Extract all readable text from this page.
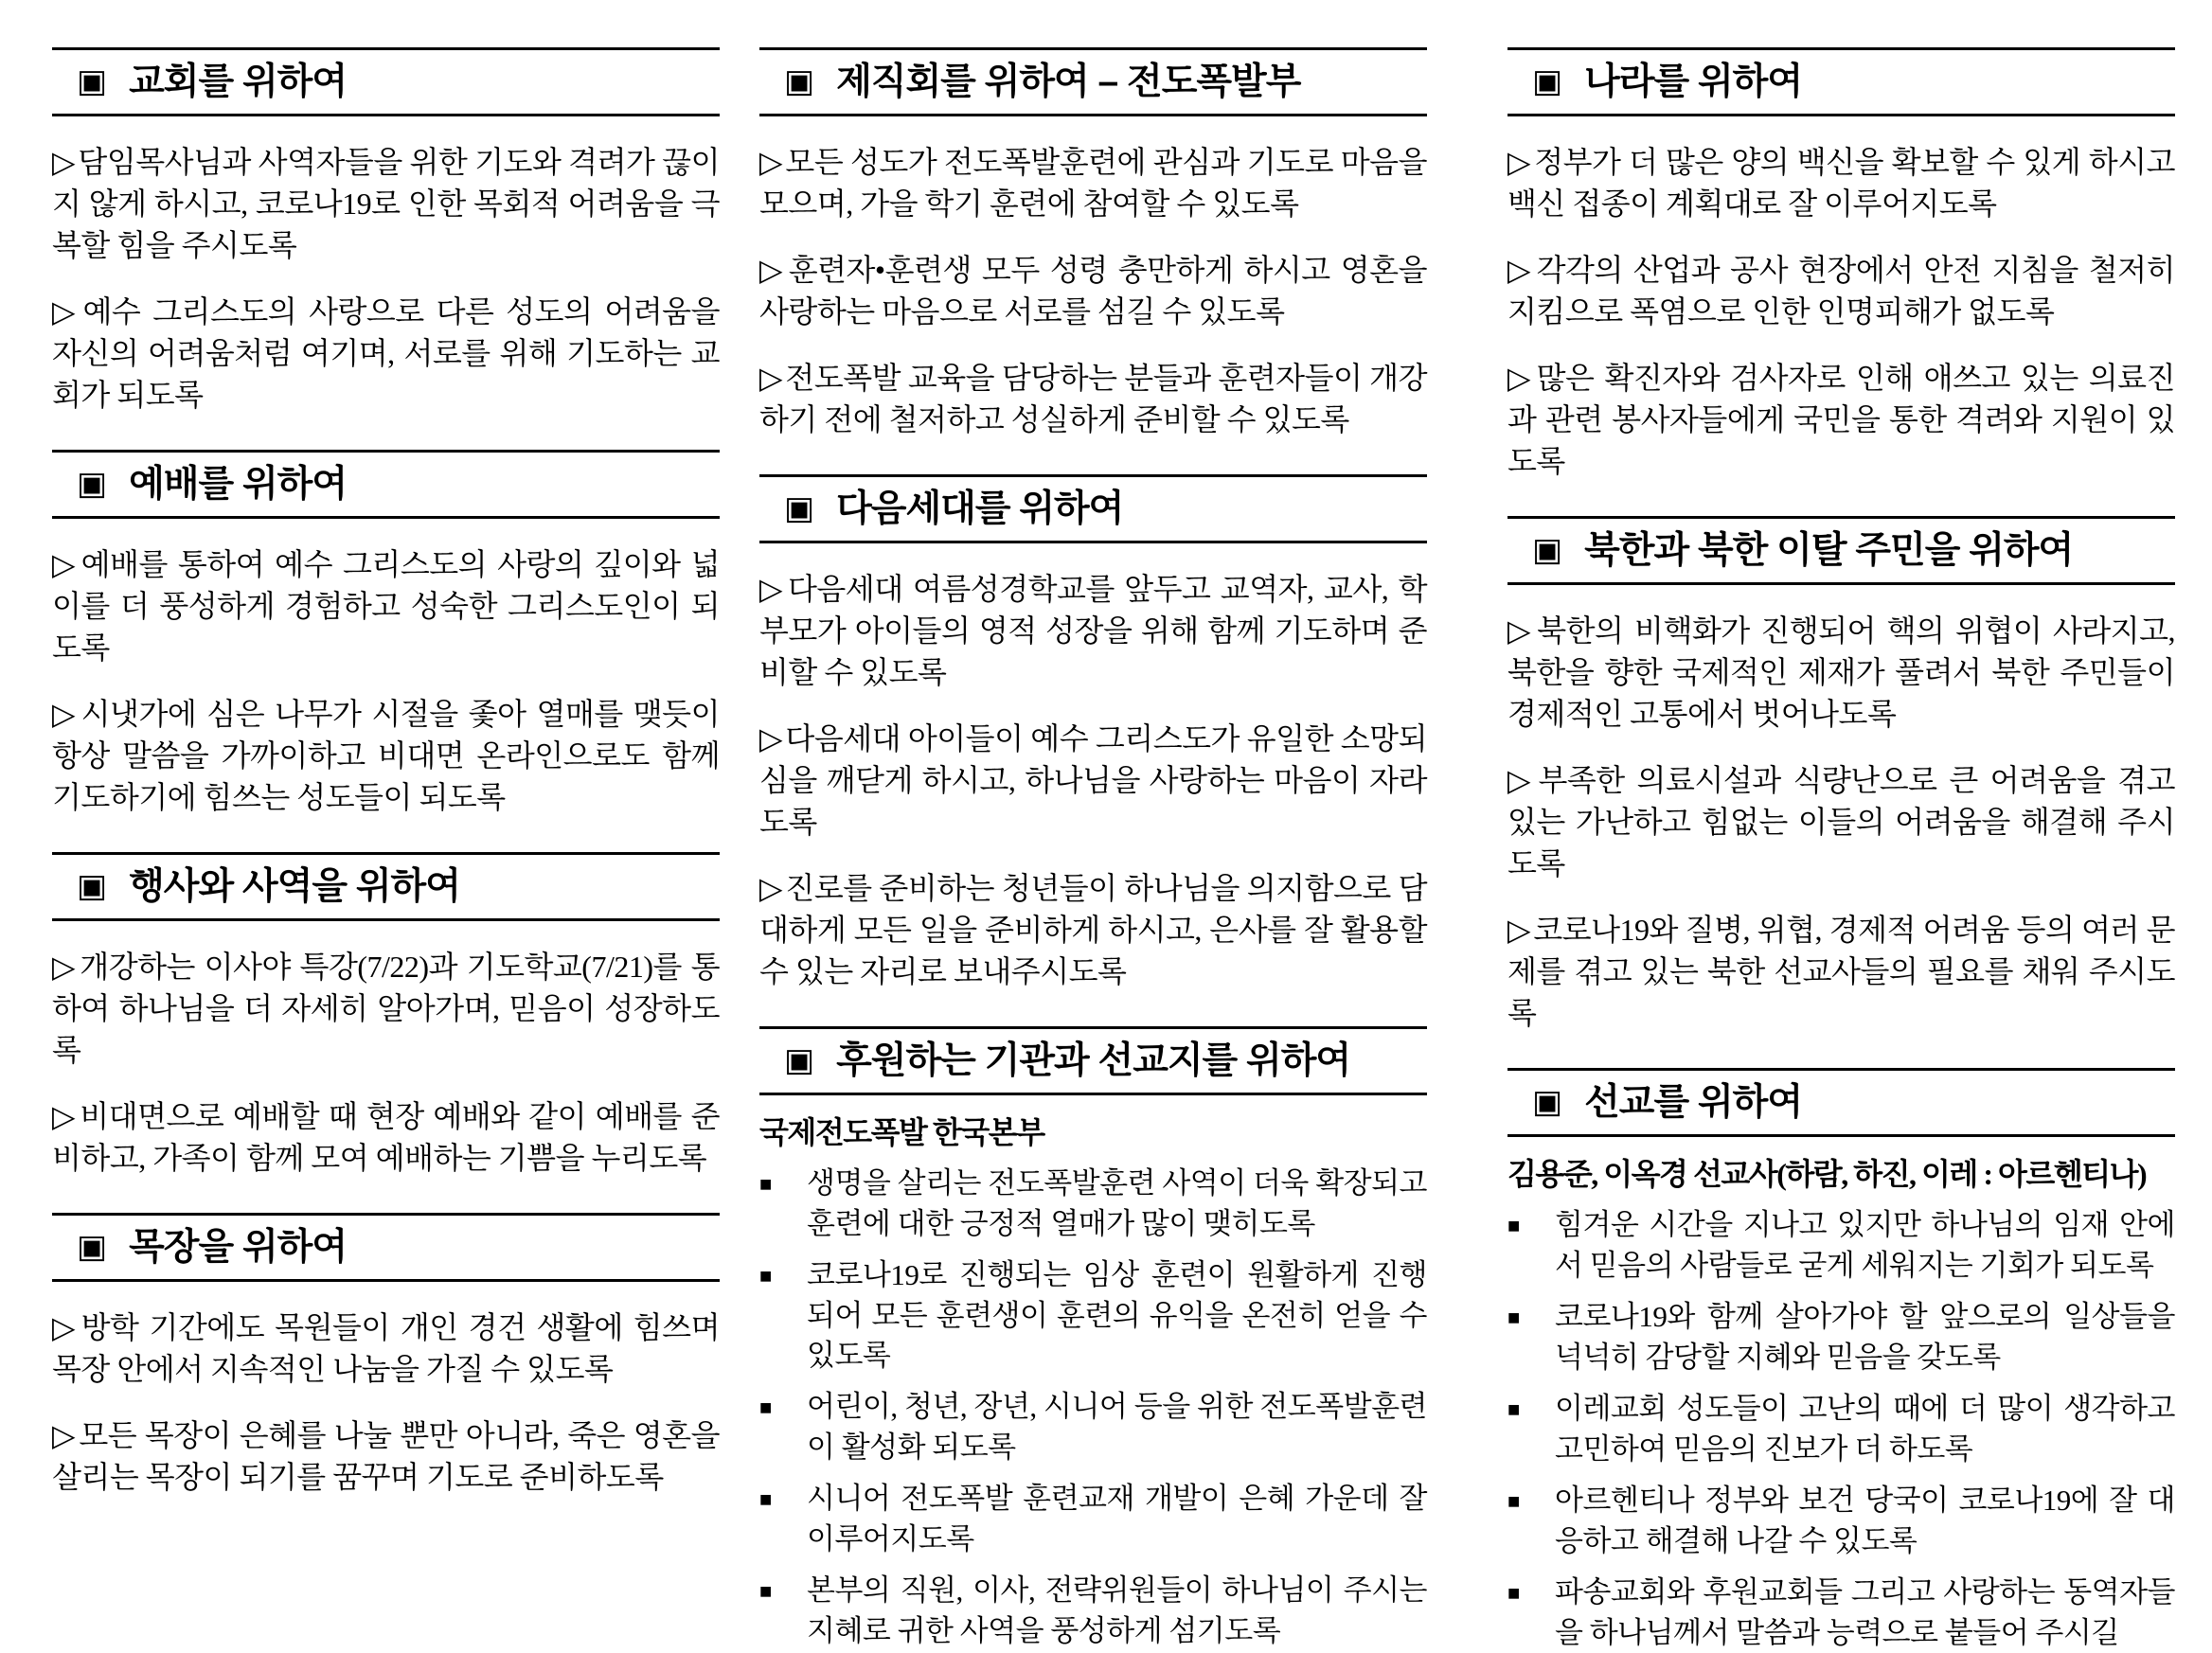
▣ 교회를 위하여

▷담임목사님과 사역자들을 위한 기도와 격려가 끊이지 않게 하시고, 코로나19로 인한 목회적 어려움을 극복할 힘을 주시도록

▷예수 그리스도의 사랑으로 다른 성도의 어려움을 자신의 어려움처럼 여기며, 서로를 위해 기도하는 교회가 되도록

▣ 예배를 위하여

▷예배를 통하여 예수 그리스도의 사랑의 깊이와 넓이를 더 풍성하게 경험하고 성숙한 그리스도인이 되도록

▷시냇가에 심은 나무가 시절을 좇아 열매를 맺듯이 항상 말씀을 가까이하고 비대면 온라인으로도 함께 기도하기에 힘쓰는 성도들이 되도록

▣ 행사와 사역을 위하여

▷개강하는 이사야 특강(7/22)과 기도학교(7/21)를 통하여 하나님을 더 자세히 알아가며, 믿음이 성장하도록

▷비대면으로 예배할 때 현장 예배와 같이 예배를 준비하고, 가족이 함께 모여 예배하는 기쁨을 누리도록

▣ 목장을 위하여

▷방학 기간에도 목원들이 개인 경건 생활에 힘쓰며 목장 안에서 지속적인 나눔을 가질 수 있도록

▷모든 목장이 은혜를 나눌 뿐만 아니라, 죽은 영혼을 살리는 목장이 되기를 꿈꾸며 기도로 준비하도록

▣ 제직회를 위하여 – 전도폭발부

▷모든 성도가 전도폭발훈련에 관심과 기도로 마음을 모으며, 가을 학기 훈련에 참여할 수 있도록

▷훈련자•훈련생 모두 성령 충만하게 하시고 영혼을 사랑하는 마음으로 서로를 섬길 수 있도록

▷전도폭발 교육을 담당하는 분들과 훈련자들이 개강하기 전에 철저하고 성실하게 준비할 수 있도록

▣ 다음세대를 위하여

▷다음세대 여름성경학교를 앞두고 교역자, 교사, 학부모가 아이들의 영적 성장을 위해 함께 기도하며 준비할 수 있도록

▷다음세대 아이들이 예수 그리스도가 유일한 소망되심을 깨닫게 하시고, 하나님을 사랑하는 마음이 자라도록

▷진로를 준비하는 청년들이 하나님을 의지함으로 담대하게 모든 일을 준비하게 하시고, 은사를 잘 활용할 수 있는 자리로 보내주시도록

▣ 후원하는 기관과 선교지를 위하여

국제전도폭발 한국본부

■ 생명을 살리는 전도폭발훈련 사역이 더욱 확장되고 훈련에 대한 긍정적 열매가 많이 맺히도록

■ 코로나19로 진행되는 임상 훈련이 원활하게 진행되어 모든 훈련생이 훈련의 유익을 온전히 얻을 수 있도록

■ 어린이, 청년, 장년, 시니어 등을 위한 전도폭발훈련이 활성화 되도록

■ 시니어 전도폭발 훈련교재 개발이 은혜 가운데 잘 이루어지도록

■ 본부의 직원, 이사, 전략위원들이 하나님이 주시는 지혜로 귀한 사역을 풍성하게 섬기도록

▣ 나라를 위하여

▷정부가 더 많은 양의 백신을 확보할 수 있게 하시고 백신 접종이 계획대로 잘 이루어지도록

▷각각의 산업과 공사 현장에서 안전 지침을 철저히 지킴으로 폭염으로 인한 인명피해가 없도록

▷많은 확진자와 검사자로 인해 애쓰고 있는 의료진과 관련 봉사자들에게 국민을 통한 격려와 지원이 있도록

▣ 북한과 북한 이탈 주민을 위하여

▷북한의 비핵화가 진행되어 핵의 위협이 사라지고, 북한을 향한 국제적인 제재가 풀려서 북한 주민들이 경제적인 고통에서 벗어나도록

▷부족한 의료시설과 식량난으로 큰 어려움을 겪고 있는 가난하고 힘없는 이들의 어려움을 해결해 주시도록

▷코로나19와 질병, 위협, 경제적 어려움 등의 여러 문제를 겪고 있는 북한 선교사들의 필요를 채워 주시도록

▣ 선교를 위하여

김용준, 이옥경 선교사(하람, 하진, 이레 : 아르헨티나)

■ 힘겨운 시간을 지나고 있지만 하나님의 임재 안에서 믿음의 사람들로 굳게 세워지는 기회가 되도록

■ 코로나19와 함께 살아가야 할 앞으로의 일상들을 넉넉히 감당할 지혜와 믿음을 갖도록

■ 이레교회 성도들이 고난의 때에 더 많이 생각하고 고민하여 믿음의 진보가 더 하도록

■ 아르헨티나 정부와 보건 당국이 코로나19에 잘 대응하고 해결해 나갈 수 있도록

■ 파송교회와 후원교회들 그리고 사랑하는 동역자들을 하나님께서 말씀과 능력으로 붙들어 주시길
